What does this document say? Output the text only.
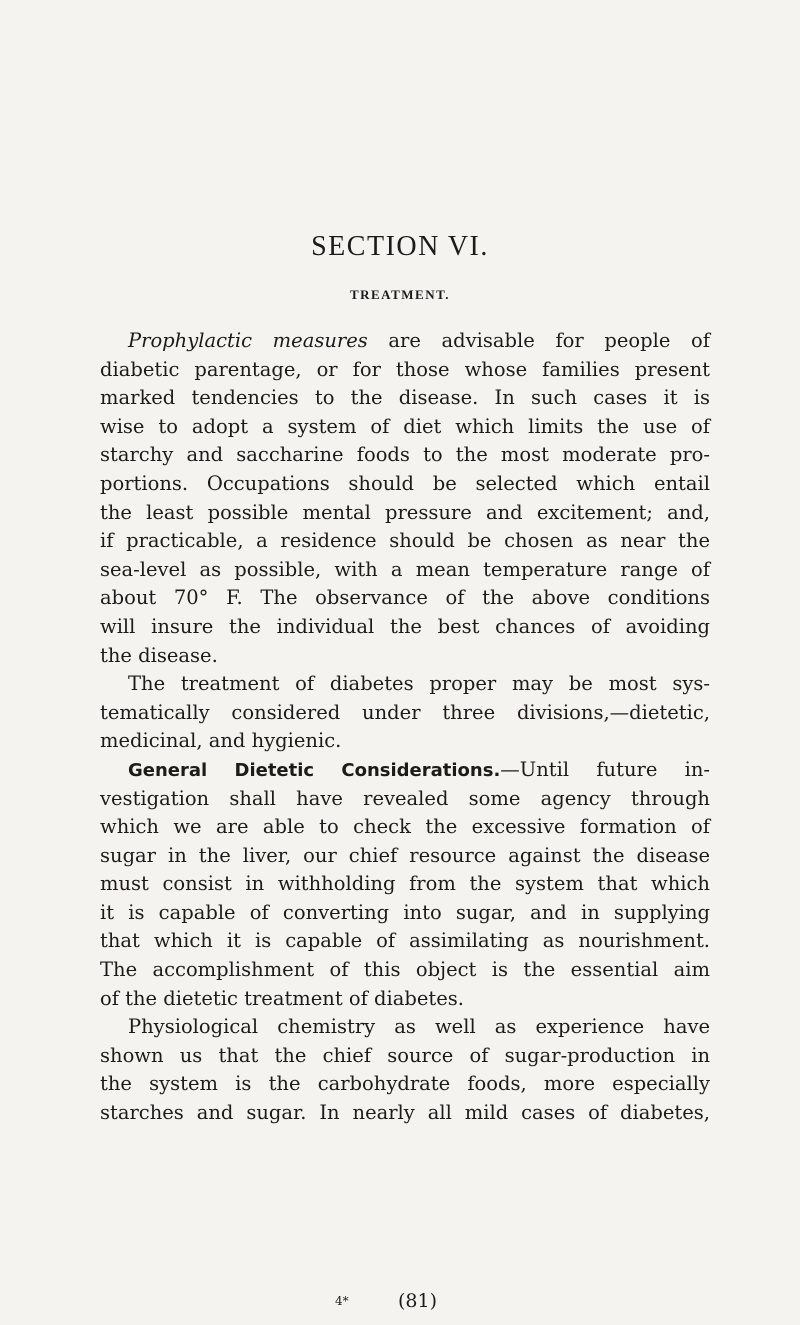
SECTION VI.
TREATMENT.
Prophylactic measures are advisable for people of
diabetic parentage, or for those whose families present
marked tendencies to the disease. In such cases it is
wise to adopt a system of diet which limits the use of
starchy and saccharine foods to the most moderate pro-
portions. Occupations should be selected which entail
the least possible mental pressure and excitement; and,
if practicable, a residence should be chosen as near the
sea-level as possible, with a mean temperature range of
about 70° F. The observance of the above conditions
will insure the individual the best chances of avoiding
the disease.
The treatment of diabetes proper may be most sys-
tematically considered under three divisions,—dietetic,
medicinal, and hygienic.
General Dietetic Considerations.—Until future in-
vestigation shall have revealed some agency through
which we are able to check the excessive formation of
sugar in the liver, our chief resource against the disease
must consist in withholding from the system that which
it is capable of converting into sugar, and in supplying
that which it is capable of assimilating as nourishment.
The accomplishment of this object is the essential aim
of the dietetic treatment of diabetes.
Physiological chemistry as well as experience have
shown us that the chief source of sugar-production in
the system is the carbohydrate foods, more especially
starches and sugar. In nearly all mild cases of diabetes,
4*	(81)
